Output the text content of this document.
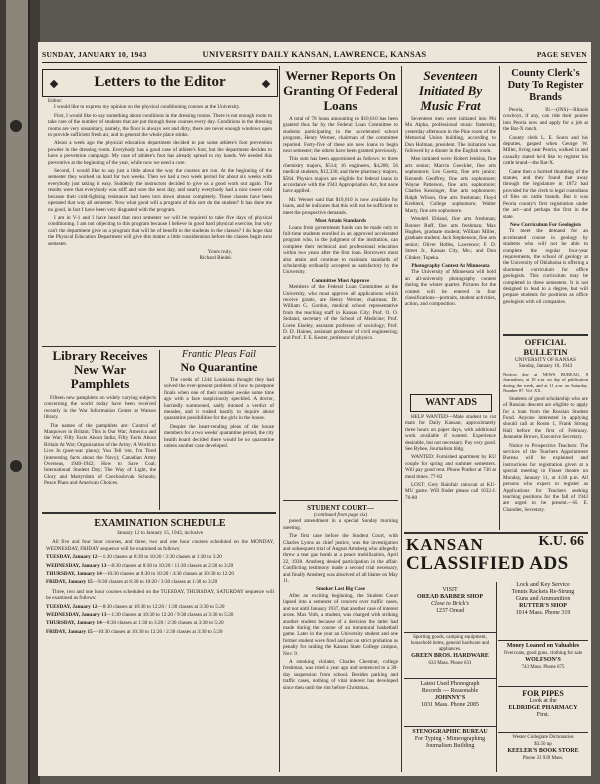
SUNDAY, JANUARY 10, 1943	UNIVERSITY DAILY KANSAN, LAWRENCE, KANSAS	PAGE SEVEN
Letters to the Editor
Editor:

I would like to express my opinion on the physical conditioning courses at the University.

First, I would like to say something about conditions in the dressing rooms. There is not enough room to take care of the number of students that are put through these courses every day. Conditions in the dressing rooms are very unsanitary, namely, the floor is always wet and dirty, there are never enough windows open to provide sufficient fresh air, and in general the whole place stinks.

About a week ago the physical education department decided to put some athlete's foot prevention powder in the dressing room. Everybody has a good case of athlete's foot, but the department decides to have a prevention campaign. My case of athlete's foot has already spread to my hands. We needed this preventive at the beginning of the year, while now we need a cure.

Second, I would like to say just a little about the way the courses are run. At the beginning of the semester they worked us hard for two weeks. Then we had a two week period for about six weeks with everybody just taking it easy. Suddenly the instructors decided to give us a good work out again. The results were that everybody was stiff and sore the next day, and nearly everybody had a nice sweet cold because their cold-fighting resistance had been torn down almost completely. These classes have been operated that way all semester. Now what good will a program of this sort do the student? It has done me no good, in fact I have been very disgusted with the program.

I am in V-1 and I have heard that next semester we will be required to take five days of physical conditioning. I am not objecting to this program because I believe in good hard physical exercise, but why can't the department give us a program that will be of benefit to the students in the classes? I do hope that the Physical Education Department will give this matter a little consideration before the classes begin next semester.

Yours truly,
Richard Riedel.
Library Receives New War Pamphlets

Fifteen new pamphlets on widely varying subjects concerning the world today have been received recently in the War Information Center at Watson library.

The names of the pamphlets are: Control of Manpower in Britain; This is Our War; America and the War; Fifty Facts About India; Fifty Facts About Britain At War; Organization of the Army; A World to Live In (post-war plans); You Tell 'em, I'm Tired (interesting facts about the Navy); Canadian Army Overseas, 1940-1942; How to Save Coal; International Student Day; The Way of Light, the Glory and Martyrdom of Czechoslovak Schools; Peace Plans and American Choices.

Frantic Pleas Fail
No Quarantine

The coeds of 1244 Louisiana thought they had solved the ever-present problem of how to postpone finals when one of their number awoke some time ago with a face suspiciously speckled. A doctor, hurriedly summoned, sadly intoned a verdict of measles, and it rushed hastily to inquire about quarantine possibilities for the girls in the house.

Despite the heart-rending pleas of the house members for a two weeks' quarantine period, the city health board decided there would be no quarantine unless another case developed.

EXAMINATION SCHEDULE
January 12 to January 15, 1943, inclusive

All five and four hour courses, and three, two and one hour courses scheduled on the MONDAY, WEDNESDAY, FRIDAY sequence will be examined as follows:

TUESDAY, January 12—1:30 classes at 8:30 to 10:20 / 2:30 classes at 1:30 to 3:20
WEDNESDAY, January 13—8:30 classes at 8:30 to 10:20 / 11:30 classes at 2:30 to 3:20
THURSDAY, January 14—10:30 classes at 8:30 to 10:20 / 4:30 classes at 10:30 to 12:20
FRIDAY, January 15—9:30 classes at 8:30 to 10:20 / 3:30 classes at 1:30 to 3:20

Three, two and one hour courses scheduled on the TUESDAY, THURSDAY, SATURDAY sequence will be examined as follows:

TUESDAY, January 12—8:30 classes at 10:30 to 12:20 / 1:30 classes at 3:30 to 5:20
WEDNESDAY, January 13—1:30 classes at 10:30 to 12:20 / 9:30 classes at 3:30 to 5:20
THURSDAY, January 14—8:30 classes at 1:30 to 3:20 / 2:30 classes at 3:30 to 5:20
FRIDAY, January 15—10:30 classes at 10:30 to 12:20 / 2:30 classes at 3:30 to 5:20
Werner Reports On Granting Of Federal Loans

A total of 78 loans amounting to $10,610 has been granted thus far by the Federal Loan Committee to students participating in the accelerated school program, Henry Werner, chairman of the committee reported. Forty-five of these are new loans to begin next semester; the others have been granted previously.

This sum has been apportioned as follows: to three chemistry majors, $514; 16 engineers, $4,286; 56 medical students, $12,336; and three pharmacy majors, $564. Physics majors are eligible for federal loans in accordance with the 1943 Appropriation Act, but none have applied.

Mr. Werner said that $10,610 is now available for loans, and he indicates that this will not be sufficient to meet the prospective demands.

Must Attain Standards

Loans from government funds can be made only to full-time students enrolled in an approved accelerated program who, in the judgment of the institution, can complete their technical and professional education within two years after the first loan. Borrowers must also attain and continue to maintain standards of scholarship ordinarily accepted as satisfactory by the University.

Committee Must Approve

Members of the Federal Loan Committee at the University, who must approve all applications which receive grants, are Henry Werner, chairman; Dr. William G. Gordon, medical school representative from the teaching staff in Kansas City; Prof. O. O. Stoland, secretary of the School of Medicine; Prof. Loren Eiseley, assistant professor of sociology; Prof. D. D. Haines, assistant professor of civil engineering; and Prof. F. E. Kester, professor of physics.

STUDENT COURT—
(continued from page six)

posed amendment in a special Sunday morning meeting.

The first case before the Student Court, with Charles Lyons as chief justice, was the investigation and subsequent trial of August Amsberg who allegedly threw a tear gas bomb at a peace mobilization, April 22, 1938. Amsberg denied participation in the affair. Conflicting testimony made a second trial necessary, and finally Amsberg was absolved of all blame on May 11.

Smoker Last Big Case

After an exciting beginning, the Student Court lapsed into a semester of concern over traffic cases, and not until January 1937, that another case of interest arose. Max Voth, a student, was charged with striking another student because of a decision the latter had made during the course of an intramural basketball game. Later in the year an University student and one former student were fired and put on strict probation as penalty for raiding the Kansas State College campus, Nov. 9.

A smoking violater, Charles Chestnut, college freshman, was tried a year ago and sentenced to a 30-day suspension from school. Besides parking and traffic cases, nothing of vital interest has developed since then until the riot before Christmas.

Seventeen Initiated By Music Frat

Seventeen men were initiated into Phi Mu Alpha, professional music fraternity, yesterday afternoon in the Pine room of the Memorial Union building, according to Don Holman, president. The initiation was followed by a dinner in the English room.

Men initiated were: Robert Jenkins, fine arts senior; Marvin Goeckler, fine arts sophomore; Leo Goertz, fine arts junior; Kenneth Geoffrey, fine arts sophomore; Wayne Patterson, fine arts sophomore; Charles Kessinger, fine arts sophomore; Ralph Wilson, fine arts freshman; Floyd Kreblenl, College sophomore; Walter Marty, fine arts sophomore.

Wendell Ebland, fine arts freshman; Bonner Ruff, fine arts freshman; Max Hughes, graduate student; William Miller, graduate student; Jack Stephenson, fine arts senior; Oliver Hobbs, Lawrence; F. D. Street Jr., Kansas City, Mo.; and Don Clinker, Topeka.

Photography Contest At Minnesota

The University of Minnesota will hold an all-university photography contest during the winter quarter. Pictures for the contest will be entered in four classifications—portraits, student activities, action, and composition.

WANT ADS

HELP WANTED—Male student to cut mats for Daily Kansan; approximately three hours on paper days, with additional work available if wanted. Experience desirable, but not necessary. Pay very good. See Bybee, Journalism bldg.

WANTED: Furnished apartment by KU couple for spring and summer semesters. Will pay good rent. Phone Prather at 736 at meal times. 77-82

LOST: Grey Rainfair raincoat at KU-MU game. Will finder please call 1632-J. 76-80

County Clerk's Duty To Register Brands

Peoria, Ill.—(INS)—Illinois cowboys, if any, can ride their ponies into Peoria now and apply for a job at the Bar-X ranch.

County clerk L. E. Sours and his deputies, gasped when George W. Miller, living near Peoria, walked in and casually stated he'd like to register his cattle brand—the Bar-X.

Came then a hurried thumbing of the statues, and they found that away through the legislature in 1872 had provided for the clerk to legal custodians of files on cattle brands. But it was Peoria county's first registration under the act—and perhaps the first in the state.

New Curriculum For Geologists

To meet the demand for an accelerated course in geology by students who will not be able to complete the regular four-year requirements, the school of geology at the University of Oklahoma is offering a shortened curriculum for office geologists. This curriculum may be completed in three semesters. It is not designed to lead to a degree, but will prepare students for positions as office geologists with oil companies.

OFFICIAL BULLETIN
UNIVERSITY OF KANSAS
Sunday, January 10, 1943
Notices due at NEWS BUREAU, 8 Journalism, at 10 a.m. on day of publication during the week, and at 11 a.m. on Saturday. Number 87. Vol. XX.

Students of good scholarship who are of Russian descent are eligible to apply for a loan from the Russian Student Fund. Anyone interested in applying should call at Room 1, Frank Strong Hall before the first of February. Jeannette Brown, Executive Secretary.

Notice to Prospective Teachers: The services of the Teachers Appointment Bureau will be explained and instructions for registration given at a special meeting in Fraser theatre on Monday, January 11, at 4:30 p.m. All persons who expect to register as Applications for Teachers seeking teaching positions for the fall of 1943 are urged to be present.—H. E. Chandler, Secretary.

KANSAN
CLASSIFIED ADS
K.U. 66
VISIT
OREAD BARBER SHOP
Close to Brick's
1237 Oread
Lock and Key Service
Tennis Rackets Re-Strung
Guns and Ammunition
RUTTER'S SHOP
1014 Mass. Phone 319
Sporting goods, camping equipment, household items, general hardware and appliances.
GREEN BROS. HARDWARE
633 Mass. Phone 631
Money Loaned on Valuables
Overcoats, good guns, clothing for sale
WOLFSON'S
743 Mass. Phone 675
Latest Used Phonograph
Records — Reasonable
JOHNNY'S
1031 Mass. Phone 2085
FOR PIPES
Look at the
ELDRIDGE PHARMACY
First.
STENOGRAPHIC BUREAU
For Typing - Mimeographing
Journalism Building
Wester Collegiate Dictionaries
$3.50 up
KEELER'S BOOK STORE
Phone 33 939 Mass.
